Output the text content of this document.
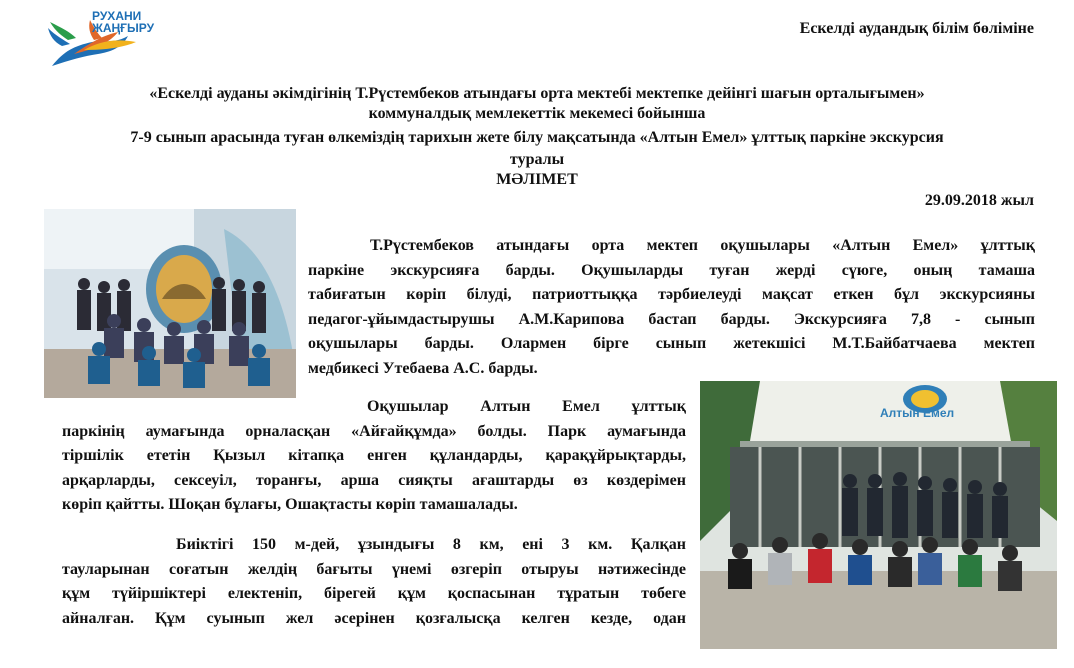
РУХАНИ
ЖАҢҒЫРУ	Ескелді аудандық білім бөліміне
«Ескелді ауданы әкімдігінің Т.Рүстембеков атындағы орта мектебі мектепке дейінгі шағын орталығымен»
коммуналдық мемлекеттік мекемесі бойынша
7-9 сынып арасында туған өлкеміздің тарихын жете білу мақсатында «Алтын Емел» ұлттық паркіне экскурсия
туралы
МӘЛІМЕТ
29.09.2018 жыл
Т.Рүстембеков атындағы орта мектеп оқушылары «Алтын Емел» ұлттық
паркіне экскурсияға барды. Оқушыларды туған жерді сүюге, оның тамаша
табиғатын көріп білуді, патриоттыққа тәрбиелеуді мақсат еткен бұл экскурсияны
педагог-ұйымдастырушы А.М.Карипова бастап барды. Экскурсияға 7,8 - сынып
оқушылары барды. Олармен бірге сынып жетекшісі М.Т.Байбатчаева мектеп
медбикесі Утебаева А.С. барды.
Оқушылар Алтын Емел ұлттық
паркінің аумағында орналасқан «Айғайқұмда» болды. Парк аумағында
тіршілік ететін Қызыл кітапқа енген құландарды, қарақұйрықтарды,
арқарларды, сексеуіл, торанғы, арша сияқты ағаштарды өз көздерімен
көріп қайтты. Шоқан бұлағы, Ошақтасты көріп тамашалады.
Биіктігі 150 м-дей, ұзындығы 8 км, ені 3 км. Қалқан
тауларынан соғатын желдің бағыты үнемі өзгеріп отыруы нәтижесінде
құм түйіршіктері електеніп, бірегей құм қоспасынан тұратын төбеге
айналған. Құм суынып жел әсерінен қозғалысқа келген кезде, одан
Алтын Емел
